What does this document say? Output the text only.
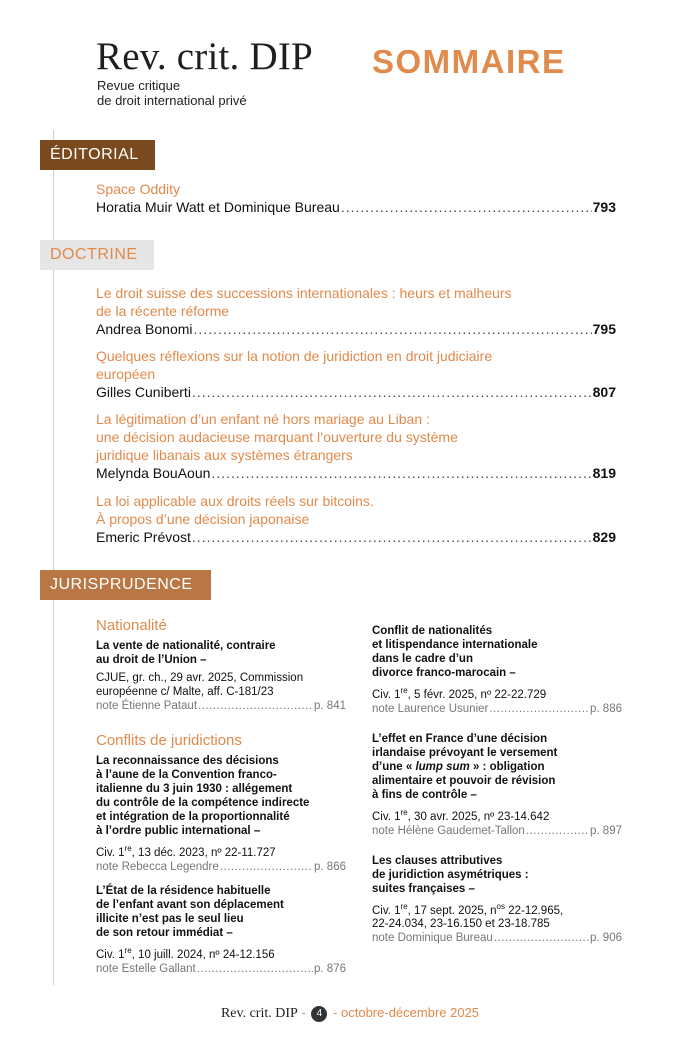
Rev. crit. DIP
Revue critique
de droit international privé
SOMMAIRE
ÉDITORIAL
Space Oddity
Horatia Muir Watt et Dominique Bureau .....	793
DOCTRINE
Le droit suisse des successions internationales : heurs et malheurs
de la récente réforme
Andrea Bonomi .....	795
Quelques réflexions sur la notion de juridiction en droit judiciaire
européen
Gilles Cuniberti .....	807
La légitimation d’un enfant né hors mariage au Liban :
une décision audacieuse marquant l’ouverture du système
juridique libanais aux systèmes étrangers
Melynda BouAoun .....	819
La loi applicable aux droits réels sur bitcoins.
À propos d’une décision japonaise
Emeric Prévost .....	829
JURISPRUDENCE
Nationalité
La vente de nationalité, contraire
au droit de l’Union –
CJUE, gr. ch., 29 avr. 2025, Commission
européenne c/ Malte, aff. C-181/23
note Étienne Pataut .....	p. 841
Conflits de juridictions
La reconnaissance des décisions
à l’aune de la Convention franco-
italienne du 3 juin 1930 : allégement
du contrôle de la compétence indirecte
et intégration de la proportionnalité
à l’ordre public international –
Civ. 1re, 13 déc. 2023, nº 22-11.727
note Rebecca Legendre .....	p. 866
L’État de la résidence habituelle
de l’enfant avant son déplacement
illicite n’est pas le seul lieu
de son retour immédiat –
Civ. 1re, 10 juill. 2024, nº 24-12.156
note Estelle Gallant .....	p. 876
Conflit de nationalités
et litispendance internationale
dans le cadre d’un
divorce franco-marocain –
Civ. 1re, 5 févr. 2025, nº 22-22.729
note Laurence Usunier .....	p. 886
L’effet en France d’une décision
irlandaise prévoyant le versement
d’une « lump sum » : obligation
alimentaire et pouvoir de révision
à fins de contrôle –
Civ. 1re, 30 avr. 2025, nº 23-14.642
note Hélène Gaudemet-Tallon .....	p. 897
Les clauses attributives
de juridiction asymétriques :
suites françaises –
Civ. 1re, 17 sept. 2025, $n^{os}$ 22-12.965,
22-24.034, 23-16.150 et 23-18.785
note Dominique Bureau .....	p. 906
Rev. crit. DIP - 4 - octobre-décembre 2025
